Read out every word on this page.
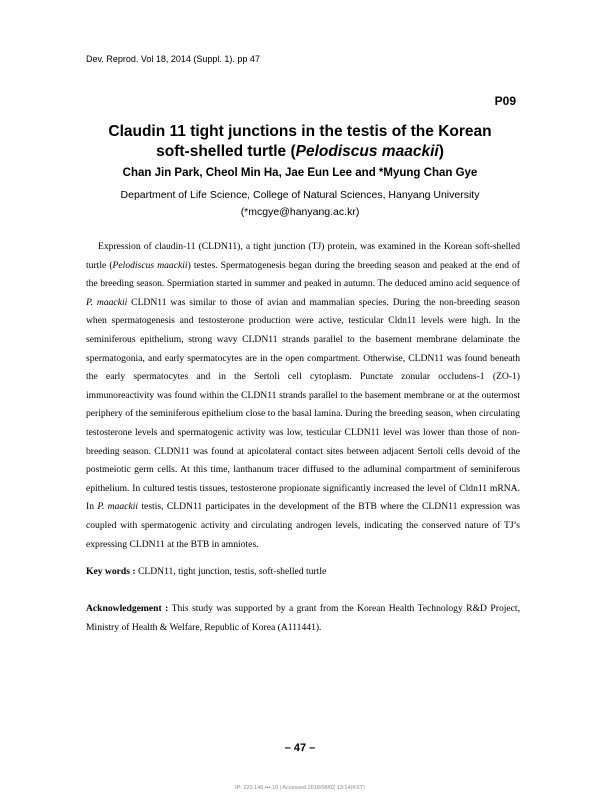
Dev. Reprod. Vol 18, 2014 (Suppl. 1). pp 47
P09
Claudin 11 tight junctions in the testis of the Korean
soft-shelled turtle (Pelodiscus maackii)
Chan Jin Park, Cheol Min Ha, Jae Eun Lee and *Myung Chan Gye
Department of Life Science, College of Natural Sciences, Hanyang University
(*mcgye@hanyang.ac.kr)

Expression of claudin-11 (CLDN11), a tight junction (TJ) protein, was examined in the Korean soft-shelled turtle (Pelodiscus maackii) testes. Spermatogenesis began during the breeding season and peaked at the end of the breeding season. Spermiation started in summer and peaked in autumn. The deduced amino acid sequence of P. maackii CLDN11 was similar to those of avian and mammalian species. During the non-breeding season when spermatogenesis and testosterone production were active, testicular Cldn11 levels were high. In the seminiferous epithelium, strong wavy CLDN11 strands parallel to the basement membrane delaminate the spermatogonia, and early spermatocytes are in the open compartment. Otherwise, CLDN11 was found beneath the early spermatocytes and in the Sertoli cell cytoplasm. Punctate zonular occludens-1 (ZO-1) immunoreactivity was found within the CLDN11 strands parallel to the basement membrane or at the outermost periphery of the seminiferous epithelium close to the basal lamina. During the breeding season, when circulating testosterone levels and spermatogenic activity was low, testicular CLDN11 level was lower than those of non-breeding season. CLDN11 was found at apicolateral contact sites between adjacent Sertoli cells devoid of the postmeiotic germ cells. At this time, lanthanum tracer diffused to the adluminal compartment of seminiferous epithelium. In cultured testis tissues, testosterone propionate significantly increased the level of Cldn11 mRNA. In P. maackii testis, CLDN11 participates in the development of the BTB where the CLDN11 expression was coupled with spermatogenic activity and circulating androgen levels, indicating the conserved nature of TJ’s expressing CLDN11 at the BTB in amniotes.

Key words : CLDN11, tight junction, testis, soft-shelled turtle

Acknowledgement : This study was supported by a grant from the Korean Health Technology R&D Project, Ministry of Health & Welfare, Republic of Korea (A111441).

– 47 –
IP: 220.149.•••.10 | Accessed 2018/08/02 13:14(KST)
